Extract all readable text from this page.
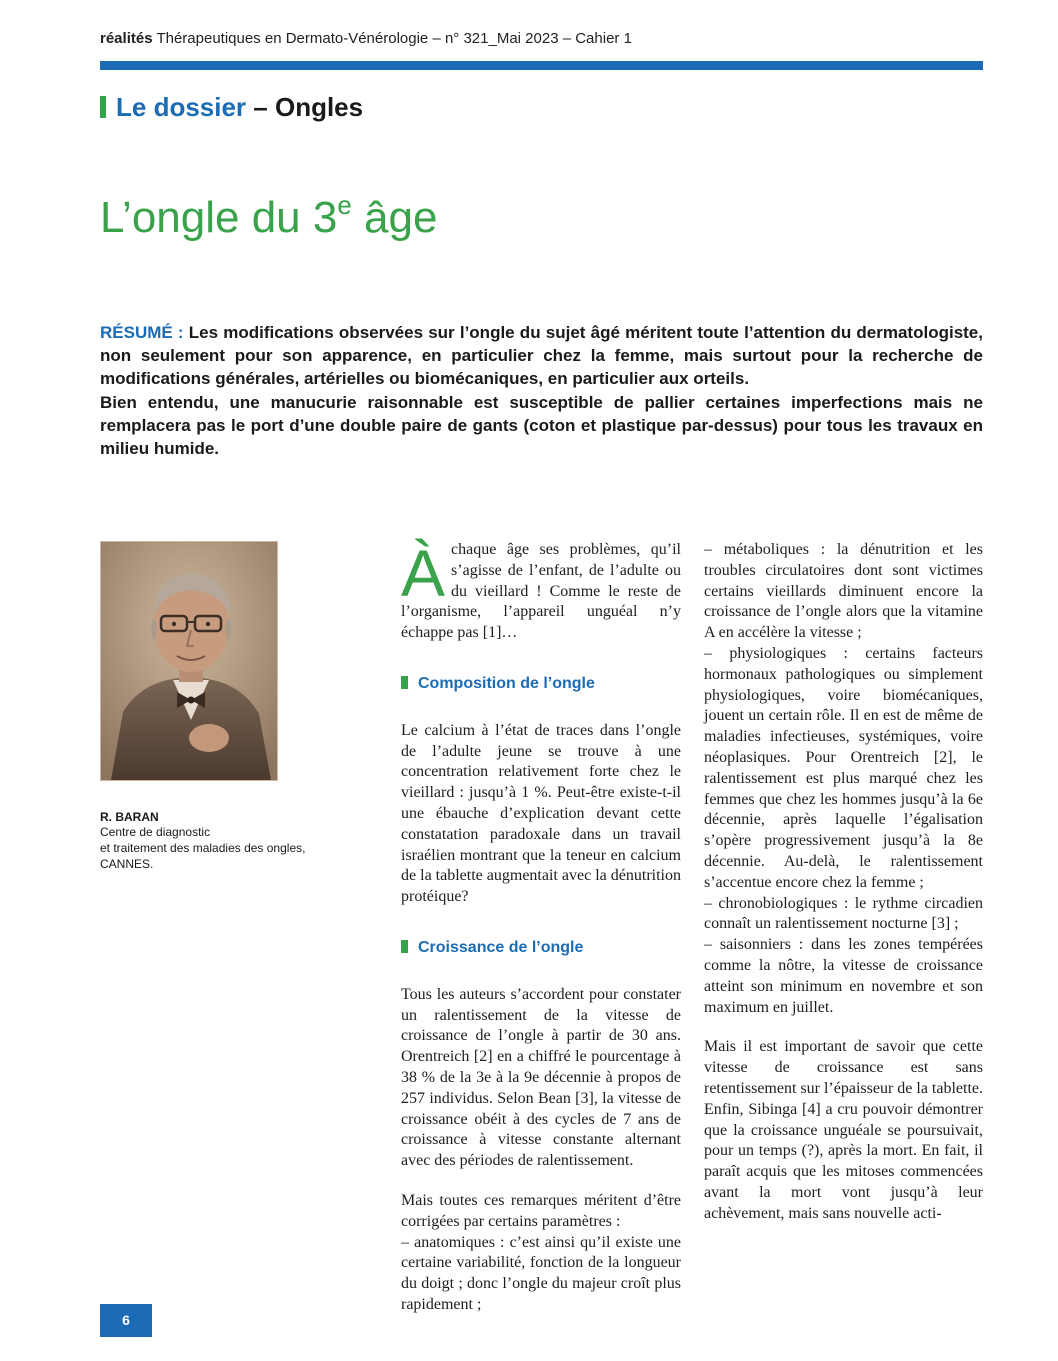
réalités Thérapeutiques en Dermato-Vénérologie – n° 321_Mai 2023 – Cahier 1
Le dossier – Ongles
L’ongle du 3e âge

RÉSUMÉ : Les modifications observées sur l’ongle du sujet âgé méritent toute l’attention du dermatologiste, non seulement pour son apparence, en particulier chez la femme, mais surtout pour la recherche de modifications générales, artérielles ou biomécaniques, en particulier aux orteils.

Bien entendu, une manucurie raisonnable est susceptible de pallier certaines imperfections mais ne remplacera pas le port d’une double paire de gants (coton et plastique par-dessus) pour tous les travaux en milieu humide.

R. BARAN
Centre de diagnostic
et traitement des maladies des ongles,
CANNES.

À chaque âge ses problèmes, qu’il s’agisse de l’enfant, de l’adulte ou du vieillard ! Comme le reste de l’organisme, l’appareil unguéal n’y échappe pas [1]…

Composition de l’ongle

Le calcium à l’état de traces dans l’ongle de l’adulte jeune se trouve à une concentration relativement forte chez le vieillard : jusqu’à 1 %. Peut-être existe-t-il une ébauche d’explication devant cette constatation paradoxale dans un travail israélien montrant que la teneur en calcium de la tablette augmentait avec la dénutrition protéique?

Croissance de l’ongle

Tous les auteurs s’accordent pour constater un ralentissement de la vitesse de croissance de l’ongle à partir de 30 ans. Orentreich [2] en a chiffré le pourcentage à 38 % de la 3e à la 9e décennie à propos de 257 individus. Selon Bean [3], la vitesse de croissance obéit à des cycles de 7 ans de croissance à vitesse constante alternant avec des périodes de ralentissement.

Mais toutes ces remarques méritent d’être corrigées par certains paramètres :

– anatomiques : c’est ainsi qu’il existe une certaine variabilité, fonction de la longueur du doigt ; donc l’ongle du majeur croît plus rapidement ;

– métaboliques : la dénutrition et les troubles circulatoires dont sont victimes certains vieillards diminuent encore la croissance de l’ongle alors que la vitamine A en accélère la vitesse ;

– physiologiques : certains facteurs hormonaux pathologiques ou simplement physiologiques, voire biomécaniques, jouent un certain rôle. Il en est de même de maladies infectieuses, systémiques, voire néoplasiques. Pour Orentreich [2], le ralentissement est plus marqué chez les femmes que chez les hommes jusqu’à la 6e décennie, après laquelle l’égalisation s’opère progressivement jusqu’à la 8e décennie. Au-delà, le ralentissement s’accentue encore chez la femme ;

– chronobiologiques : le rythme circadien connaît un ralentissement nocturne [3] ;

– saisonniers : dans les zones tempérées comme la nôtre, la vitesse de croissance atteint son minimum en novembre et son maximum en juillet.

Mais il est important de savoir que cette vitesse de croissance est sans retentissement sur l’épaisseur de la tablette. Enfin, Sibinga [4] a cru pouvoir démontrer que la croissance unguéale se poursuivait, pour un temps (?), après la mort. En fait, il paraît acquis que les mitoses commencées avant la mort vont jusqu’à leur achèvement, mais sans nouvelle acti-

6
